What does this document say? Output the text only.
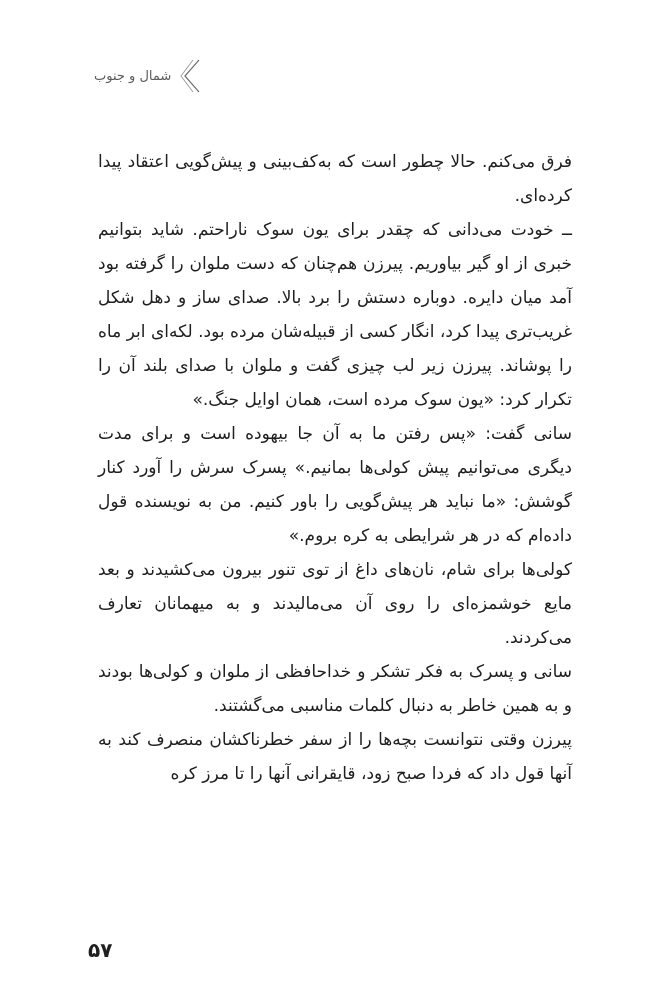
شمال و جنوب

فرق می‌کنم. حالا چطور است که به‌کف‌بینی و پیش‌گویی اعتقاد پیدا کرده‌ای.

ــ خودت می‌دانی که چقدر برای یون سوک ناراحتم. شاید بتوانیم خبری از او گیر بیاوریم. پیرزن هم‌چنان که دست ملوان را گرفته بود آمد میان دایره. دوباره دستش را برد بالا. صدای ساز و دهل شکل غریب‌تری پیدا کرد، انگار کسی از قبیله‌شان مرده بود. لکه‌ای ابر ماه را پوشاند. پیرزن زیر لب چیزی گفت و ملوان با صدای بلند آن را تکرار کرد: «یون سوک مرده است، همان اوایل جنگ.»

سانی گفت: «پس رفتن ما به آن جا بیهوده است و برای مدت دیگری می‌توانیم پیش کولی‌ها بمانیم.» پسرک سرش را آورد کنار گوشش: «ما نباید هر پیش‌گویی را باور کنیم. من به نویسنده قول داده‌ام که در هر شرایطی به کره بروم.»

کولی‌ها برای شام، نان‌های داغ از توی تنور بیرون می‌کشیدند و بعد مایع خوشمزه‌ای را روی آن می‌مالیدند و به میهمانان تعارف می‌کردند.

سانی و پسرک به فکر تشکر و خداحافظی از ملوان و کولی‌ها بودند و به همین خاطر به دنبال کلمات مناسبی می‌گشتند.

پیرزن وقتی نتوانست بچه‌ها را از سفر خطرناکشان منصرف کند به آنها قول داد که فردا صبح زود، قایقرانی آنها را تا مرز کره

۵۷
